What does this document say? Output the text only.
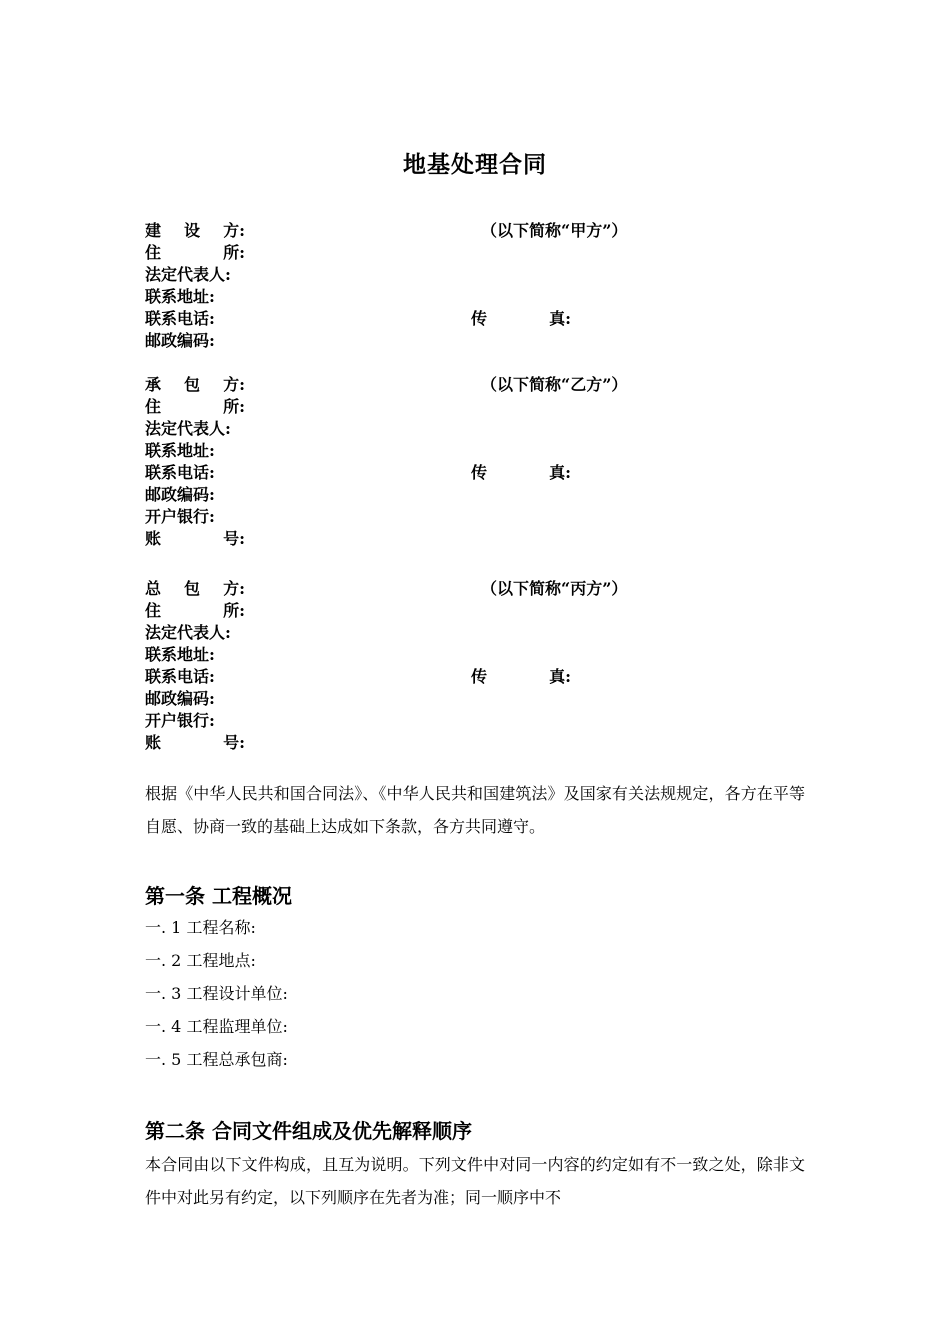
地基处理合同
建 设 方:	（以下简称“甲方”）
住	所:
法定代表人:
联系地址:
联系电话:	传	真:
邮政编码:
承 包 方:	（以下简称“乙方”）
住	所:
法定代表人:
联系地址:
联系电话:	传	真:
邮政编码:
开户银行:
账	号:
总 包 方:	（以下简称“丙方”）
住	所:
法定代表人:
联系地址:
联系电话:	传	真:
邮政编码:
开户银行:
账	号:
根据《中华人民共和国合同法》、《中华人民共和国建筑法》及国家有关法规规定，各方在平等自愿、协商一致的基础上达成如下条款，各方共同遵守。
第一条 工程概况
一. 1 工程名称:
一. 2 工程地点:
一. 3 工程设计单位:
一. 4 工程监理单位:
一. 5 工程总承包商:
第二条 合同文件组成及优先解释顺序
本合同由以下文件构成，且互为说明。下列文件中对同一内容的约定如有不一致之处，除非文件中对此另有约定，以下列顺序在先者为准；同一顺序中不
